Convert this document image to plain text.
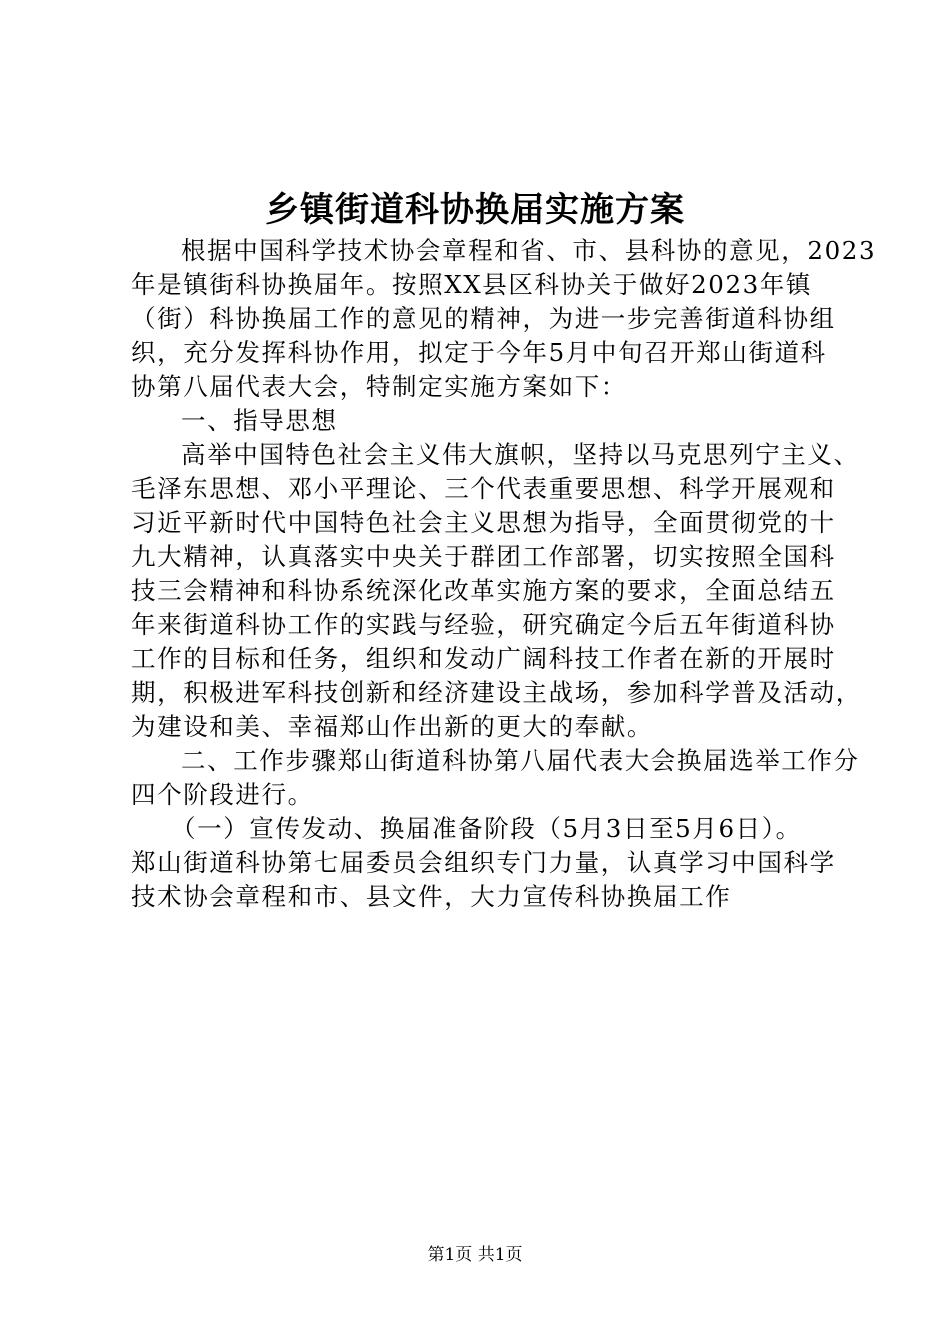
乡镇街道科协换届实施方案
根据中国科学技术协会章程和省、市、县科协的意见，2023
年是镇街科协换届年。按照XX县区科协关于做好2023年镇
（街）科协换届工作的意见的精神，为进一步完善街道科协组
织，充分发挥科协作用，拟定于今年5月中旬召开郑山街道科
协第八届代表大会，特制定实施方案如下：
一、指导思想
高举中国特色社会主义伟大旗帜，坚持以马克思列宁主义、
毛泽东思想、邓小平理论、三个代表重要思想、科学开展观和
习近平新时代中国特色社会主义思想为指导，全面贯彻党的十
九大精神，认真落实中央关于群团工作部署，切实按照全国科
技三会精神和科协系统深化改革实施方案的要求，全面总结五
年来街道科协工作的实践与经验，研究确定今后五年街道科协
工作的目标和任务，组织和发动广阔科技工作者在新的开展时
期，积极进军科技创新和经济建设主战场，参加科学普及活动，
为建设和美、幸福郑山作出新的更大的奉献。
二、工作步骤郑山街道科协第八届代表大会换届选举工作分
四个阶段进行。
（一）宣传发动、换届准备阶段（5月3日至5月6日）。
郑山街道科协第七届委员会组织专门力量，认真学习中国科学
技术协会章程和市、县文件，大力宣传科协换届工作
第1页 共1页
